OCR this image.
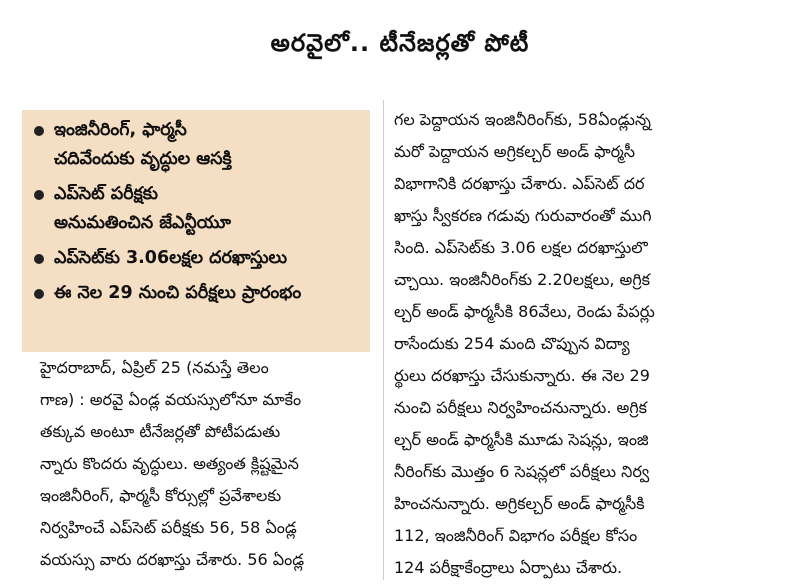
అరవైలో.. టీనేజర్లతో పోటీ
ఇంజినీరింగ్, ఫార్మసీ
చదివేందుకు వృద్ధుల ఆసక్తి
ఎప్‌సెట్ పరీక్షకు
అనుమతించిన జేఎన్టీయూ
ఎప్‌సెట్‌కు 3.06లక్షల దరఖాస్తులు
ఈ నెల 29 నుంచి పరీక్షలు ప్రారంభం
హైదరాబాద్, ఏప్రిల్ 25 (నమస్తే తెలం
గాణ) : అరవై ఏండ్ల వయస్సులోనూ మాకేం
తక్కువ అంటూ టీనేజర్లతో పోటీపడుతు
న్నారు కొందరు వృద్ధులు. అత్యంత క్లిష్టమైన
ఇంజినీరింగ్, ఫార్మసీ కోర్సుల్లో ప్రవేశాలకు
నిర్వహించే ఎప్‌సెట్ పరీక్షకు 56, 58 ఏండ్ల
వయస్సు వారు దరఖాస్తు చేశారు. 56 ఏండ్ల
గల పెద్దాయన ఇంజినీరింగ్‌కు, 58ఏండ్లున్న
మరో పెద్దాయన అగ్రికల్చర్ అండ్ ఫార్మసీ
విభాగానికి దరఖాస్తు చేశారు. ఎప్‌సెట్ దర
ఖాస్తు స్వీకరణ గడువు గురువారంతో ముగి
సింది. ఎప్‌సెట్‌కు 3.06 లక్షల దరఖాస్తులొ
చ్చాయి. ఇంజినీరింగ్‌కు 2.20లక్షలు, అగ్రిక
ల్చర్ అండ్ ఫార్మసీకి 86వేలు, రెండు పేపర్లు
రాసేందుకు 254 మంది చొప్పున విద్యా
ర్థులు దరఖాస్తు చేసుకున్నారు. ఈ నెల 29
నుంచి పరీక్షలు నిర్వహించనున్నారు. అగ్రిక
ల్చర్ అండ్ ఫార్మసీకి మూడు సెషన్లు, ఇంజి
నీరింగ్‌కు మొత్తం 6 సెషన్లలో పరీక్షలు నిర్వ
హించనున్నారు. అగ్రికల్చర్ అండ్ ఫార్మసీకి
112, ఇంజినీరింగ్ విభాగం పరీక్షల కోసం
124 పరీక్షాకేంద్రాలు ఏర్పాటు చేశారు.
